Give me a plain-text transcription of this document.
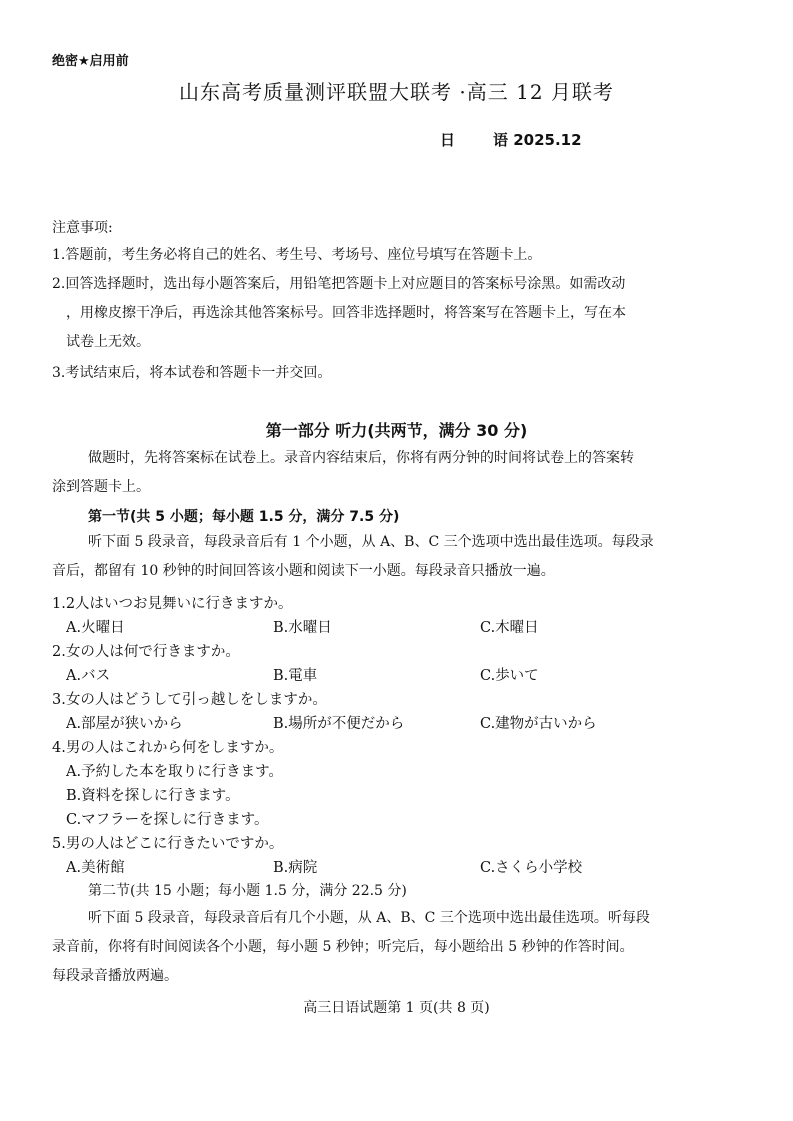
绝密★启用前
山东高考质量测评联盟大联考 ·高三 12 月联考
日	语 2025.12
注意事项:
1.答题前，考生务必将自己的姓名、考生号、考场号、座位号填写在答题卡上。
2.回答选择题时，选出每小题答案后，用铅笔把答题卡上对应题目的答案标号涂黑。如需改动
，用橡皮擦干净后，再选涂其他答案标号。回答非选择题时，将答案写在答题卡上，写在本
试卷上无效。
3.考试结束后，将本试卷和答题卡一并交回。
第一部分 听力(共两节，满分 30 分)
做题时，先将答案标在试卷上。录音内容结束后，你将有两分钟的时间将试卷上的答案转
涂到答题卡上。
第一节(共 5 小题；每小题 1.5 分，满分 7.5 分)
听下面 5 段录音，每段录音后有 1 个小题，从 A、B、C 三个选项中选出最佳选项。每段录
音后，都留有 10 秒钟的时间回答该小题和阅读下一小题。每段录音只播放一遍。
1.2人はいつお見舞いに行きますか。
A.火曜日	B.水曜日	C.木曜日
2.女の人は何で行きますか。
A.バス	B.電車	C.歩いて
3.女の人はどうして引っ越しをしますか。
A.部屋が狭いから	B.場所が不便だから	C.建物が古いから
4.男の人はこれから何をしますか。
A.予約した本を取りに行きます。
B.資料を探しに行きます。
C.マフラーを探しに行きます。
5.男の人はどこに行きたいですか。
A.美術館	B.病院	C.さくら小学校
第二节(共 15 小题；每小题 1.5 分，满分 22.5 分)
听下面 5 段录音，每段录音后有几个小题，从 A、B、C 三个选项中选出最佳选项。听每段
录音前，你将有时间阅读各个小题，每小题 5 秒钟；听完后，每小题给出 5 秒钟的作答时间。
每段录音播放两遍。
高三日语试题第 1 页(共 8 页)
